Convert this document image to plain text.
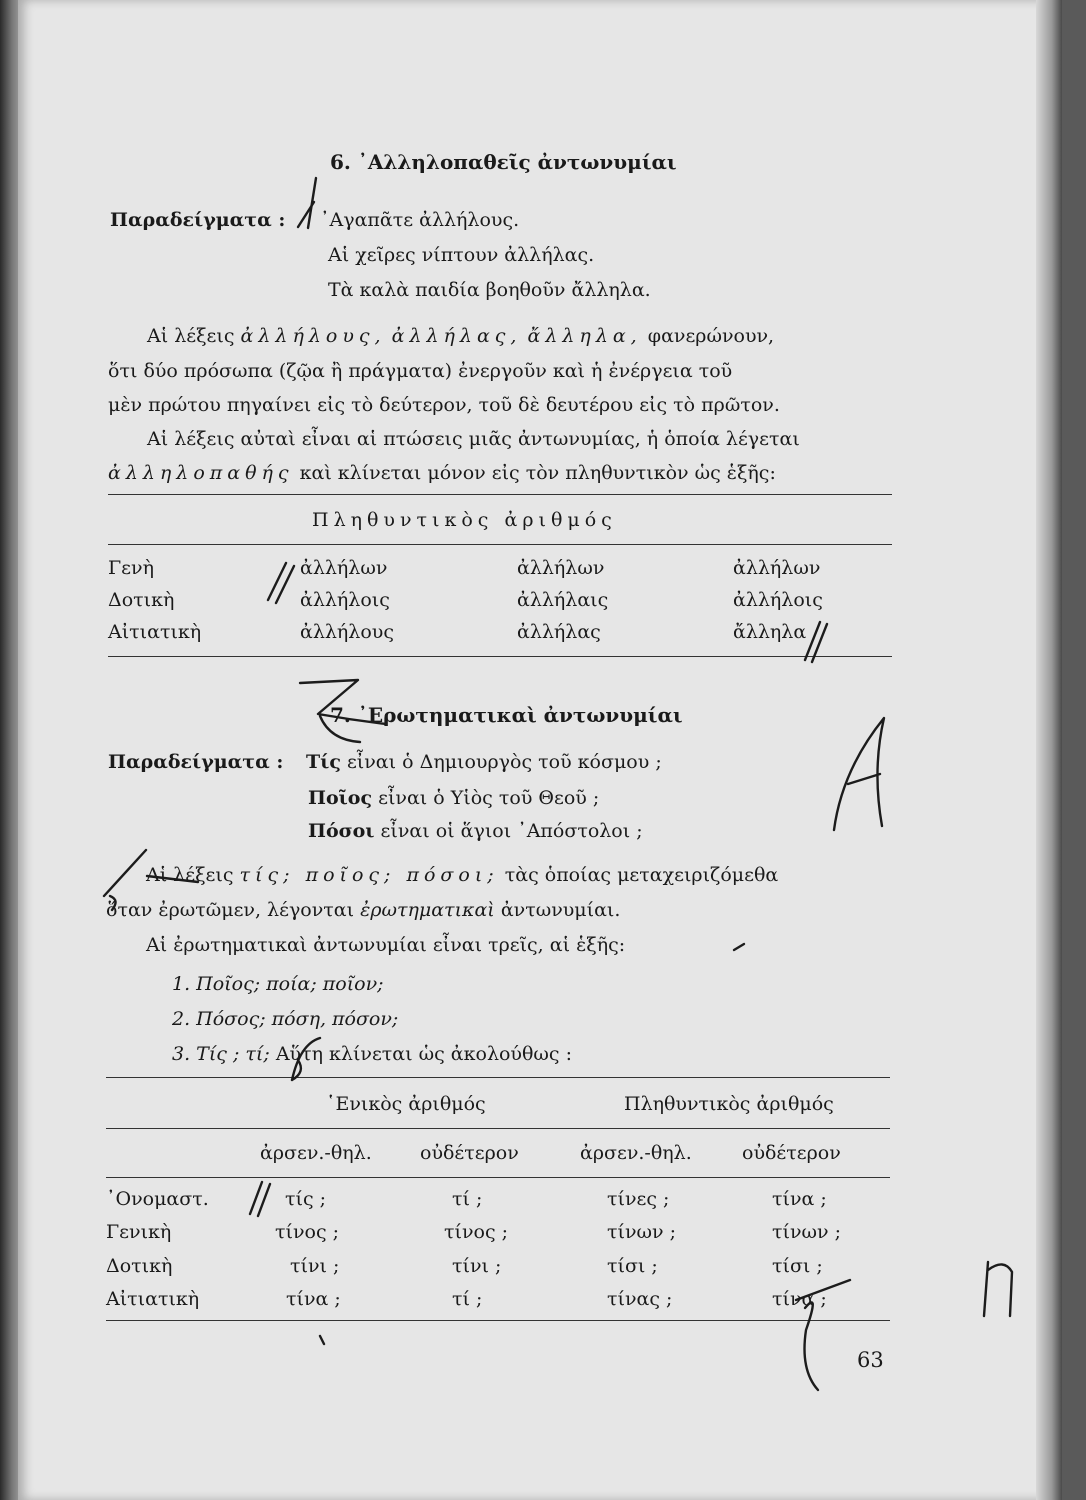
6. ᾽Αλληλοπαθεῖς ἀντωνυμίαι
Παραδείγματα : ᾽Αγαπᾶτε ἀλλήλους.
Αἱ χεῖρες νίπτουν ἀλλήλας.
Τὰ καλὰ παιδία βοηθοῦν ἄλληλα.
Αἱ λέξεις ἀλλήλους, ἀλλήλας, ἄλληλα, φανερώνουν,
ὅτι δύο πρόσωπα (ζῷα ἢ πράγματα) ἐνεργοῦν καὶ ἡ ἐνέργεια τοῦ
μὲν πρώτου πηγαίνει εἰς τὸ δεύτερον, τοῦ δὲ δευτέρου εἰς τὸ πρῶτον.
Αἱ λέξεις αὐταὶ εἶναι αἱ πτώσεις μιᾶς ἀντωνυμίας, ἡ ὁποία λέγεται
ἀλληλοπαθής καὶ κλίνεται μόνον εἰς τὸν πληθυντικὸν ὡς ἑξῆς:
Πληθυντικὸς ἀριθμός
Γενὴ	ἀλλήλων	ἀλλήλων	ἀλλήλων
Δοτικὴ	ἀλλήλοις	ἀλλήλαις	ἀλλήλοις
Αἰτιατικὴ	ἀλλήλους	ἀλλήλας	ἄλληλα
7. ᾽Ερωτηματικαὶ ἀντωνυμίαι
Παραδείγματα : Τίς εἶναι ὁ Δημιουργὸς τοῦ κόσμου ;
Ποῖος εἶναι ὁ Υἱὸς τοῦ Θεοῦ ;
Πόσοι εἶναι οἱ ἅγιοι ᾽Απόστολοι ;
Αἱ λέξεις τίς; ποῖος; πόσοι; τὰς ὁποίας μεταχειριζόμεθα
ὅταν ἐρωτῶμεν, λέγονται ἐρωτηματικαὶ ἀντωνυμίαι.
Αἱ ἐρωτηματικαὶ ἀντωνυμίαι εἶναι τρεῖς, αἱ ἑξῆς:
1. Ποῖος; ποία; ποῖον;
2. Πόσος; πόση, πόσον;
3. Τίς ; τί; Αὕτη κλίνεται ὡς ἀκολούθως :
῾Ενικὸς ἀριθμός	Πληθυντικὸς ἀριθμός
ἀρσεν.-θηλ.	οὐδέτερον	ἀρσεν.-θηλ.	οὐδέτερον
᾽Ονομαστ.	τίς ;	τί ;	τίνες ;	τίνα ;
Γενικὴ	τίνος ;	τίνος ;	τίνων ;	τίνων ;
Δοτικὴ	τίνι ;	τίνι ;	τίσι ;	τίσι ;
Αἰτιατικὴ	τίνα ;	τί ;	τίνας ;	τίνα ;
63
